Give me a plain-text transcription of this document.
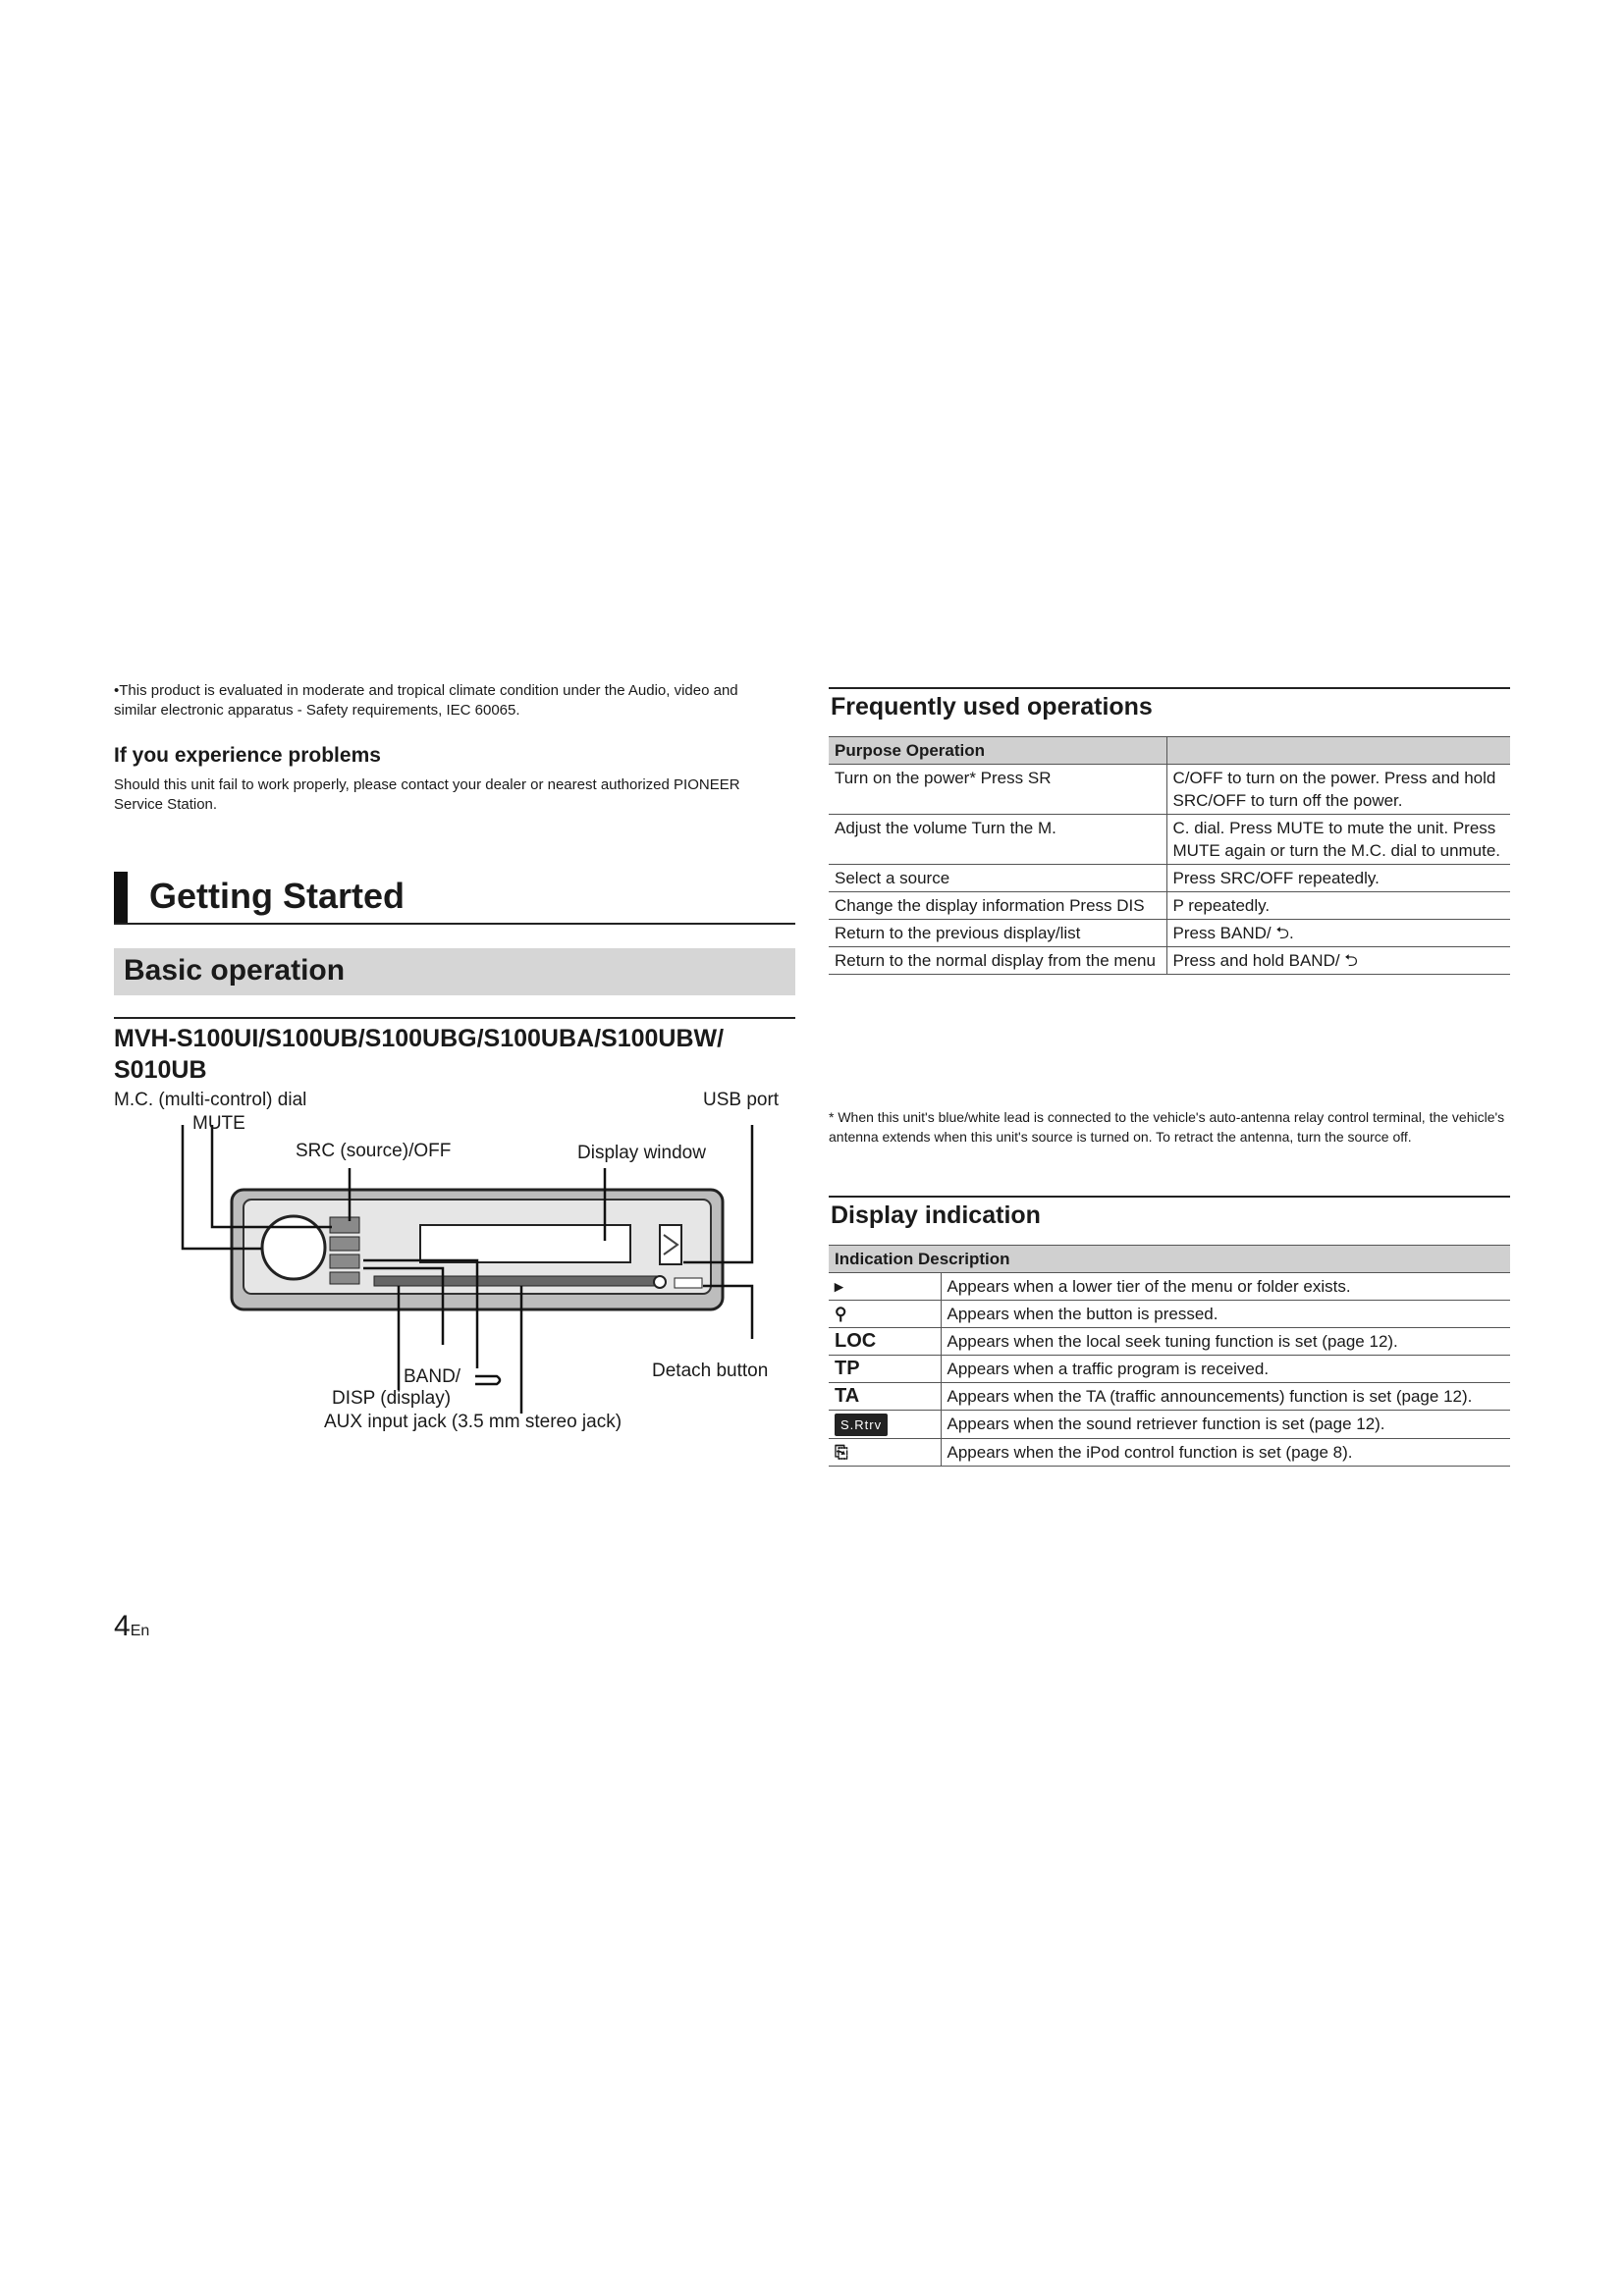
•This product is evaluated in moderate and tropical climate condition under the Audio, video and similar electronic apparatus - Safety requirements, IEC 60065.
If you experience problems
Should this unit fail to work properly, please contact your dealer or nearest authorized PIONEER Service Station.
Getting Started
Basic operation
MVH-S100UI/S100UB/S100UBG/S100UBA/S100UBW/ S010UB
M.C. (multi-control) dial	USB port
MUTE
SRC (source)/OFF	Display window
BAND/
DISP (display)
AUX input jack (3.5 mm stereo jack)
Detach button
Frequently used operations
Purpose Operation	
Turn on the power* Press SR	C/OFF to turn on the power. Press and hold SRC/OFF to turn off the power.
Adjust the volume Turn the M.	C. dial. Press MUTE to mute the unit. Press MUTE again or turn the M.C. dial to unmute.
Select a source	Press SRC/OFF repeatedly.
Change the display information Press DIS	P repeatedly.
Return to the previous display/list	Press BAND/ ⮌.
Return to the normal display from the menu	Press and hold BAND/ ⮌
* When this unit's blue/white lead is connected to the vehicle's auto-antenna relay control terminal, the vehicle's antenna extends when this unit's source is turned on. To retract the antenna, turn the source off.
Display indication
Indication Description	
▸	Appears when a lower tier of the menu or folder exists.
⚲	Appears when the button is pressed.
LOC	Appears when the local seek tuning function is set (page 12).
TP	Appears when a traffic program is received.
TA	Appears when the TA (traffic announcements) function is set (page 12).
S.Rtrv	Appears when the sound retriever function is set (page 12).
⎘	Appears when the iPod control function is set (page 8).
4En
